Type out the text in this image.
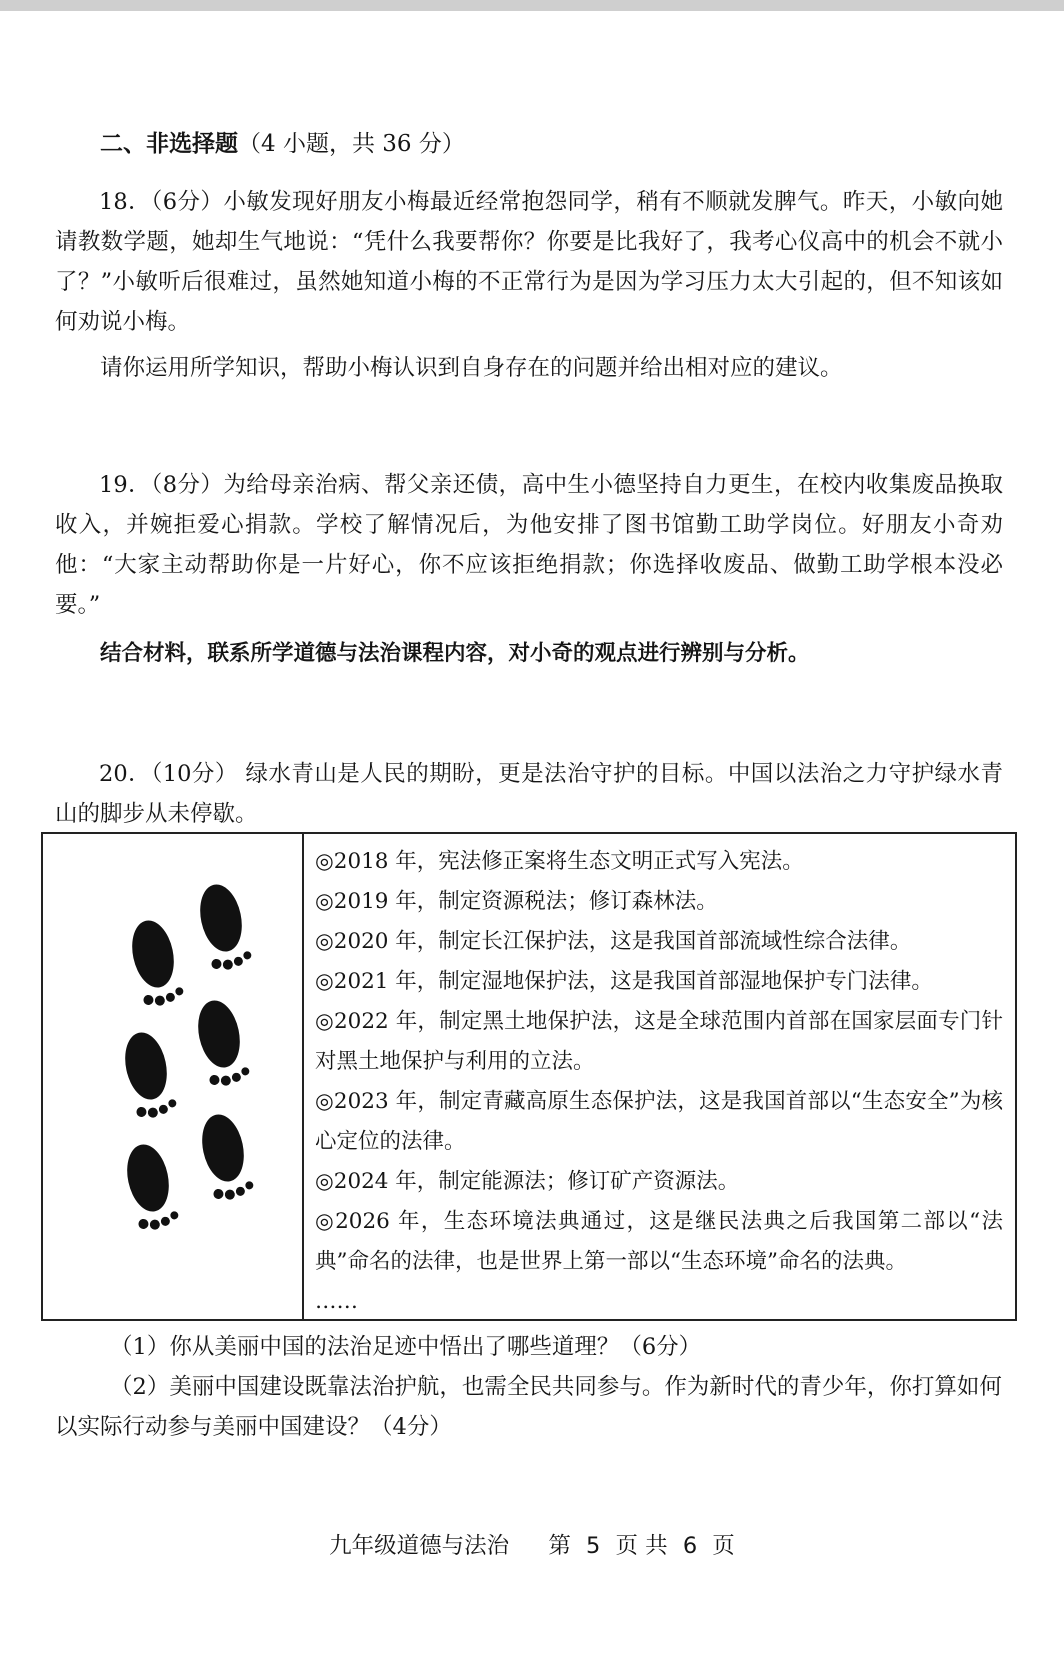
二、非选择题（4 小题，共 36 分）
18．（6分）小敏发现好朋友小梅最近经常抱怨同学，稍有不顺就发脾气。昨天，小敏向她请教数学题，她却生气地说：“凭什么我要帮你？你要是比我好了，我考心仪高中的机会不就小了？”小敏听后很难过，虽然她知道小梅的不正常行为是因为学习压力太大引起的，但不知该如何劝说小梅。
请你运用所学知识，帮助小梅认识到自身存在的问题并给出相对应的建议。
19．（8分）为给母亲治病、帮父亲还债，高中生小德坚持自力更生，在校内收集废品换取收入，并婉拒爱心捐款。学校了解情况后，为他安排了图书馆勤工助学岗位。好朋友小奇劝他：“大家主动帮助你是一片好心，你不应该拒绝捐款；你选择收废品、做勤工助学根本没必要。”
结合材料，联系所学道德与法治课程内容，对小奇的观点进行辨别与分析。
20．（10分） 绿水青山是人民的期盼，更是法治守护的目标。中国以法治之力守护绿水青山的脚步从未停歇。
◎2018 年，宪法修正案将生态文明正式写入宪法。
◎2019 年，制定资源税法；修订森林法。
◎2020 年，制定长江保护法，这是我国首部流域性综合法律。
◎2021 年，制定湿地保护法，这是我国首部湿地保护专门法律。
◎2022 年，制定黑土地保护法，这是全球范围内首部在国家层面专门针对黑土地保护与利用的立法。
◎2023 年，制定青藏高原生态保护法，这是我国首部以“生态安全”为核心定位的法律。
◎2024 年，制定能源法；修订矿产资源法。
◎2026 年，生态环境法典通过，这是继民法典之后我国第二部以“法典”命名的法律，也是世界上第一部以“生态环境”命名的法典。
……
（1）你从美丽中国的法治足迹中悟出了哪些道理？（6分）
（2）美丽中国建设既靠法治护航，也需全民共同参与。作为新时代的青少年，你打算如何以实际行动参与美丽中国建设？（4分）
九年级道德与法治 第 5 页 共 6 页
